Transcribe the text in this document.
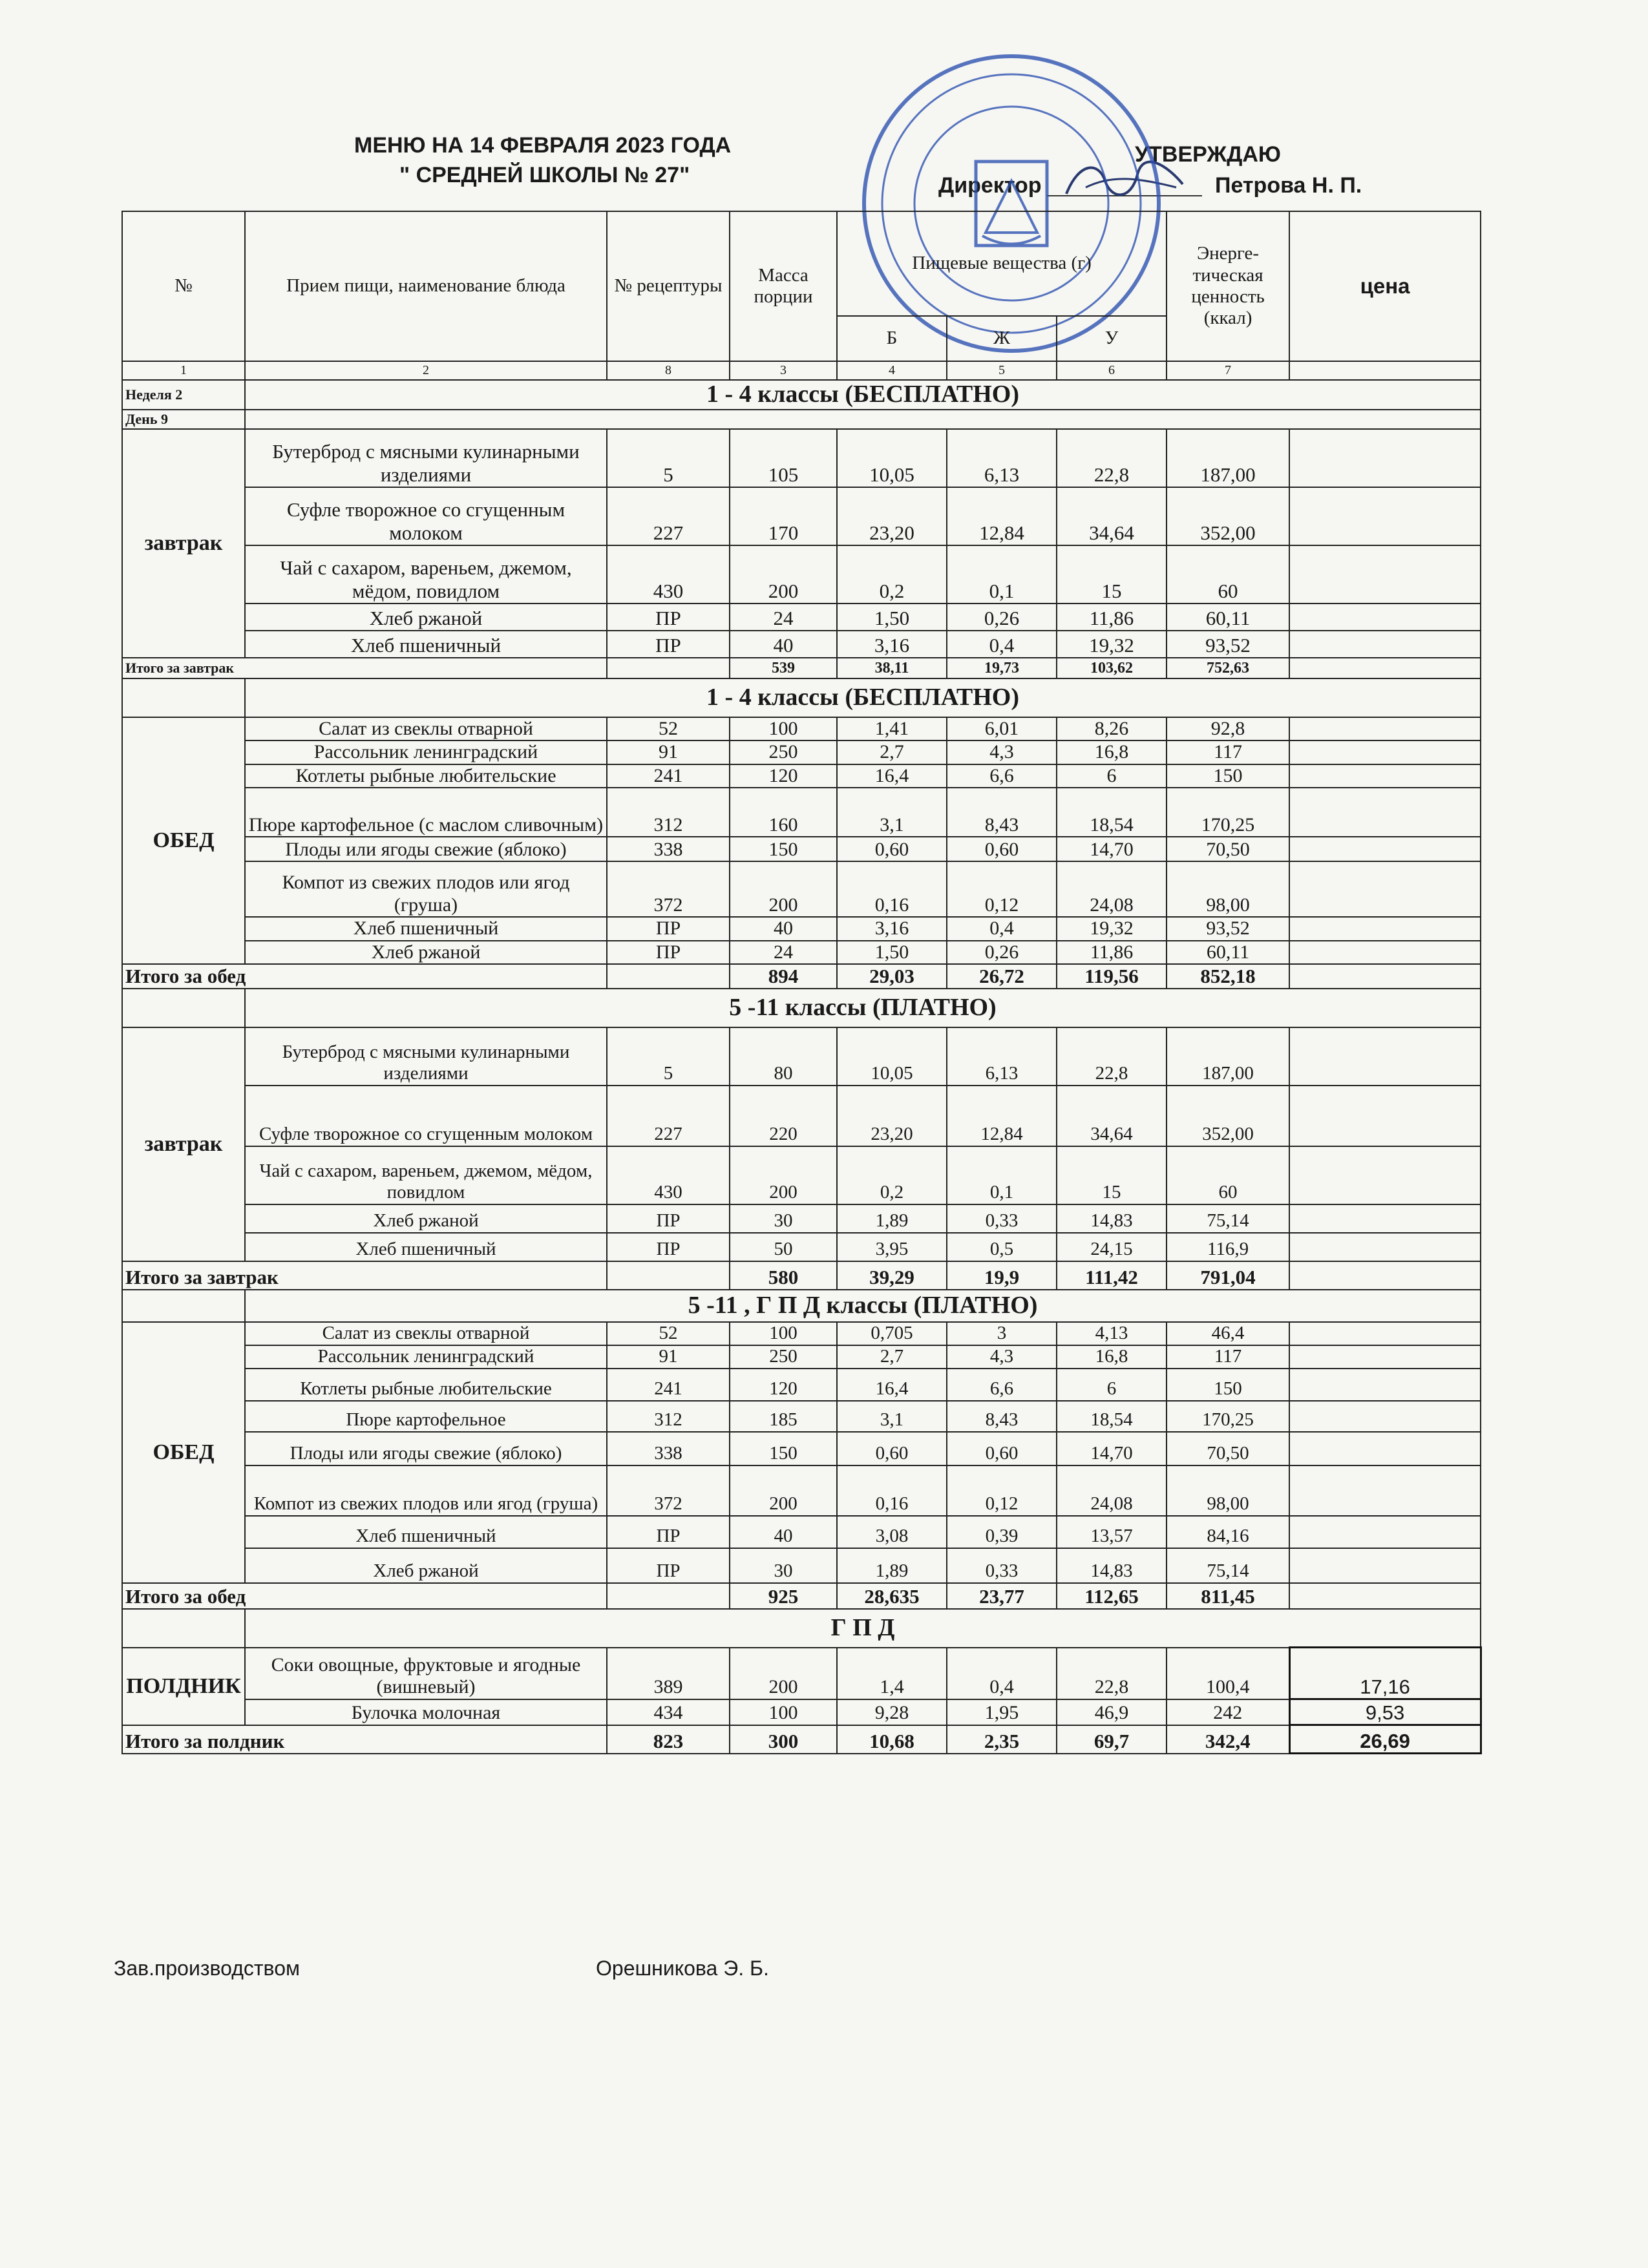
МЕНЮ НА 14 ФЕВРАЛЯ 2023 ГОДА
" СРЕДНЕЙ ШКОЛЫ № 27"
УТВЕРЖДАЮ
Директор	Петрова Н. П.
№	Прием пищи, наименование блюда	№ рецептуры	Масса порции	Пищевые вещества (г)			Энерге-тическая ценность (ккал)	цена
				Б	Ж	У		
1	2	8	3	4	5	6	7	
Неделя 2	1 - 4 классы (БЕСПЛАТНО)							
День 9								
завтрак	Бутерброд с мясными кулинарными изделиями	5	105	10,05	6,13	22,8	187,00	
	Суфле творожное со сгущенным молоком	227	170	23,20	12,84	34,64	352,00	
	Чай с сахаром, вареньем, джемом, мёдом, повидлом	430	200	0,2	0,1	15	60	
	Хлеб ржаной	ПР	24	1,50	0,26	11,86	60,11	
	Хлеб пшеничный	ПР	40	3,16	0,4	19,32	93,52	
Итого за завтрак			539	38,11	19,73	103,62	752,63	
	1 - 4 классы (БЕСПЛАТНО)							
ОБЕД	Салат из свеклы отварной	52	100	1,41	6,01	8,26	92,8	
	Рассольник ленинградский	91	250	2,7	4,3	16,8	117	
	Котлеты рыбные любительские	241	120	16,4	6,6	6	150	
	Пюре картофельное (с маслом сливочным)	312	160	3,1	8,43	18,54	170,25	
	Плоды или ягоды свежие (яблоко)	338	150	0,60	0,60	14,70	70,50	
	Компот из свежих плодов или ягод (груша)	372	200	0,16	0,12	24,08	98,00	
	Хлеб пшеничный	ПР	40	3,16	0,4	19,32	93,52	
	Хлеб ржаной	ПР	24	1,50	0,26	11,86	60,11	
Итого за обед			894	29,03	26,72	119,56	852,18	
	5 -11 классы (ПЛАТНО)							
завтрак	Бутерброд с мясными кулинарными изделиями	5	80	10,05	6,13	22,8	187,00	
	Суфле творожное со сгущенным молоком	227	220	23,20	12,84	34,64	352,00	
	Чай с сахаром, вареньем, джемом, мёдом, повидлом	430	200	0,2	0,1	15	60	
	Хлеб ржаной	ПР	30	1,89	0,33	14,83	75,14	
	Хлеб пшеничный	ПР	50	3,95	0,5	24,15	116,9	
Итого за завтрак			580	39,29	19,9	111,42	791,04	
	5 -11 , Г П Д классы (ПЛАТНО)							
ОБЕД	Салат из свеклы отварной	52	100	0,705	3	4,13	46,4	
	Рассольник ленинградский	91	250	2,7	4,3	16,8	117	
	Котлеты рыбные любительские	241	120	16,4	6,6	6	150	
	Пюре картофельное	312	185	3,1	8,43	18,54	170,25	
	Плоды или ягоды свежие (яблоко)	338	150	0,60	0,60	14,70	70,50	
	Компот из свежих плодов или ягод (груша)	372	200	0,16	0,12	24,08	98,00	
	Хлеб пшеничный	ПР	40	3,08	0,39	13,57	84,16	
	Хлеб ржаной	ПР	30	1,89	0,33	14,83	75,14	
Итого за обед			925	28,635	23,77	112,65	811,45	
	Г П Д							
ПОЛДНИК	Соки овощные, фруктовые и ягодные (вишневый)	389	200	1,4	0,4	22,8	100,4	17,16
	Булочка молочная	434	100	9,28	1,95	46,9	242	9,53
Итого за полдник		823	300	10,68	2,35	69,7	342,4	26,69
Зав.производством	Орешникова Э. Б.
